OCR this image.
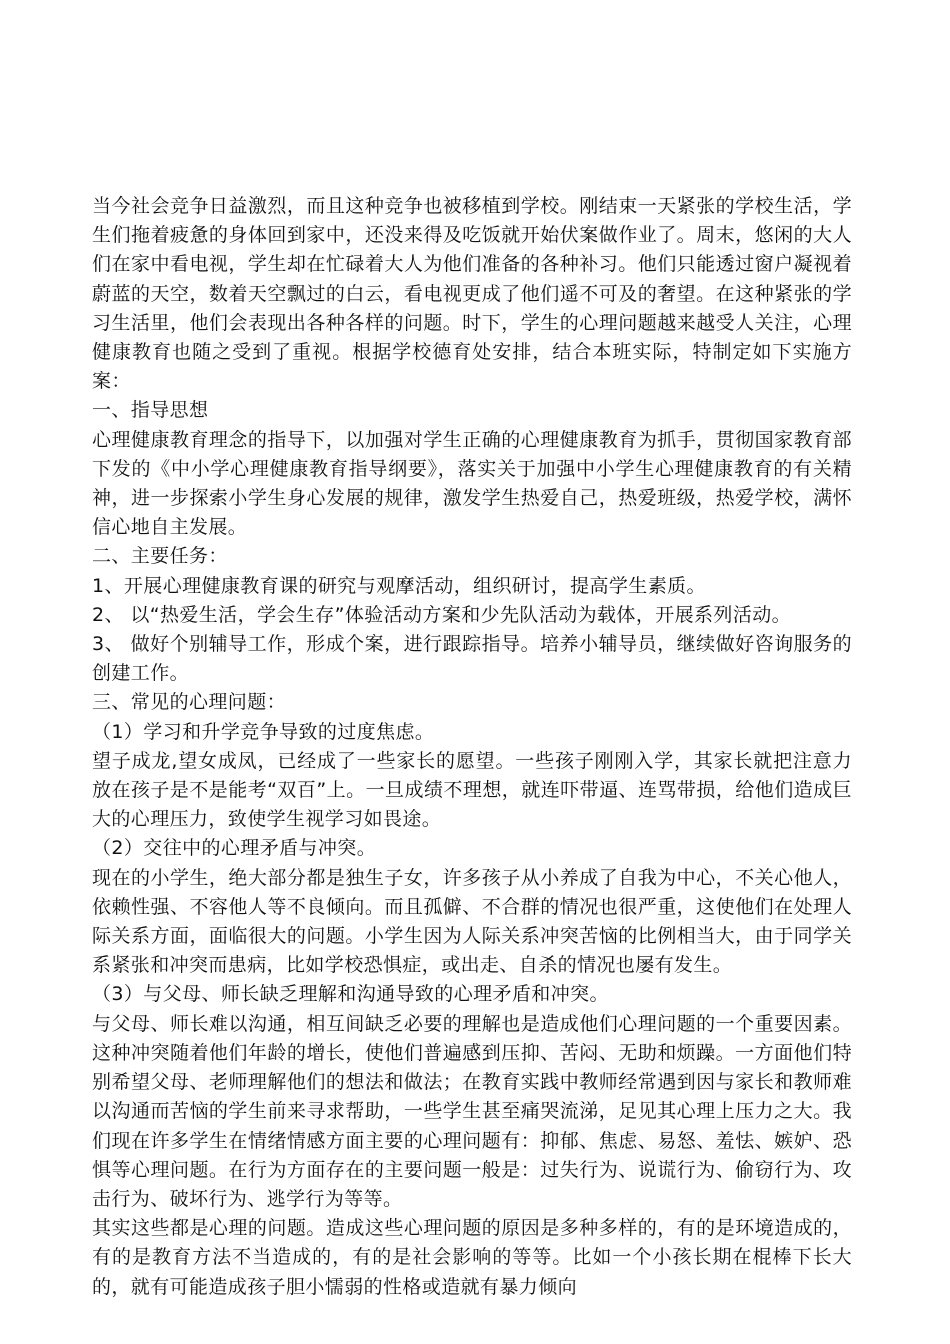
当今社会竞争日益激烈，而且这种竞争也被移植到学校。刚结束一天紧张的学校生活，学生们拖着疲惫的身体回到家中，还没来得及吃饭就开始伏案做作业了。周末，悠闲的大人们在家中看电视，学生却在忙碌着大人为他们准备的各种补习。他们只能透过窗户凝视着蔚蓝的天空，数着天空飘过的白云，看电视更成了他们遥不可及的奢望。在这种紧张的学习生活里，他们会表现出各种各样的问题。时下，学生的心理问题越来越受人关注，心理健康教育也随之受到了重视。根据学校德育处安排，结合本班实际，特制定如下实施方案：

一、指导思想

心理健康教育理念的指导下，以加强对学生正确的心理健康教育为抓手，贯彻国家教育部下发的《中小学心理健康教育指导纲要》，落实关于加强中小学生心理健康教育的有关精神，进一步探索小学生身心发展的规律，激发学生热爱自己，热爱班级，热爱学校，满怀信心地自主发展。

二、主要任务：

1、开展心理健康教育课的研究与观摩活动，组织研讨，提高学生素质。

2、 以“热爱生活，学会生存”体验活动方案和少先队活动为载体，开展系列活动。

3、 做好个别辅导工作，形成个案，进行跟踪指导。培养小辅导员，继续做好咨询服务的创建工作。

三、常见的心理问题：

（1）学习和升学竞争导致的过度焦虑。

望子成龙,望女成凤，已经成了一些家长的愿望。一些孩子刚刚入学，其家长就把注意力放在孩子是不是能考“双百”上。一旦成绩不理想，就连吓带逼、连骂带损，给他们造成巨大的心理压力，致使学生视学习如畏途。

（2）交往中的心理矛盾与冲突。

现在的小学生，绝大部分都是独生子女，许多孩子从小养成了自我为中心，不关心他人，依赖性强、不容他人等不良倾向。而且孤僻、不合群的情况也很严重，这使他们在处理人际关系方面，面临很大的问题。小学生因为人际关系冲突苦恼的比例相当大，由于同学关系紧张和冲突而患病，比如学校恐惧症，或出走、自杀的情况也屡有发生。

（3）与父母、师长缺乏理解和沟通导致的心理矛盾和冲突。

与父母、师长难以沟通，相互间缺乏必要的理解也是造成他们心理问题的一个重要因素。这种冲突随着他们年龄的增长，使他们普遍感到压抑、苦闷、无助和烦躁。一方面他们特别希望父母、老师理解他们的想法和做法；在教育实践中教师经常遇到因与家长和教师难以沟通而苦恼的学生前来寻求帮助，一些学生甚至痛哭流涕，足见其心理上压力之大。我们现在许多学生在情绪情感方面主要的心理问题有：抑郁、焦虑、易怒、羞怯、嫉妒、恐惧等心理问题。在行为方面存在的主要问题一般是：过失行为、说谎行为、偷窃行为、攻击行为、破坏行为、逃学行为等等。

其实这些都是心理的问题。造成这些心理问题的原因是多种多样的，有的是环境造成的，有的是教育方法不当造成的，有的是社会影响的等等。比如一个小孩长期在棍棒下长大的，就有可能造成孩子胆小懦弱的性格或造就有暴力倾向
